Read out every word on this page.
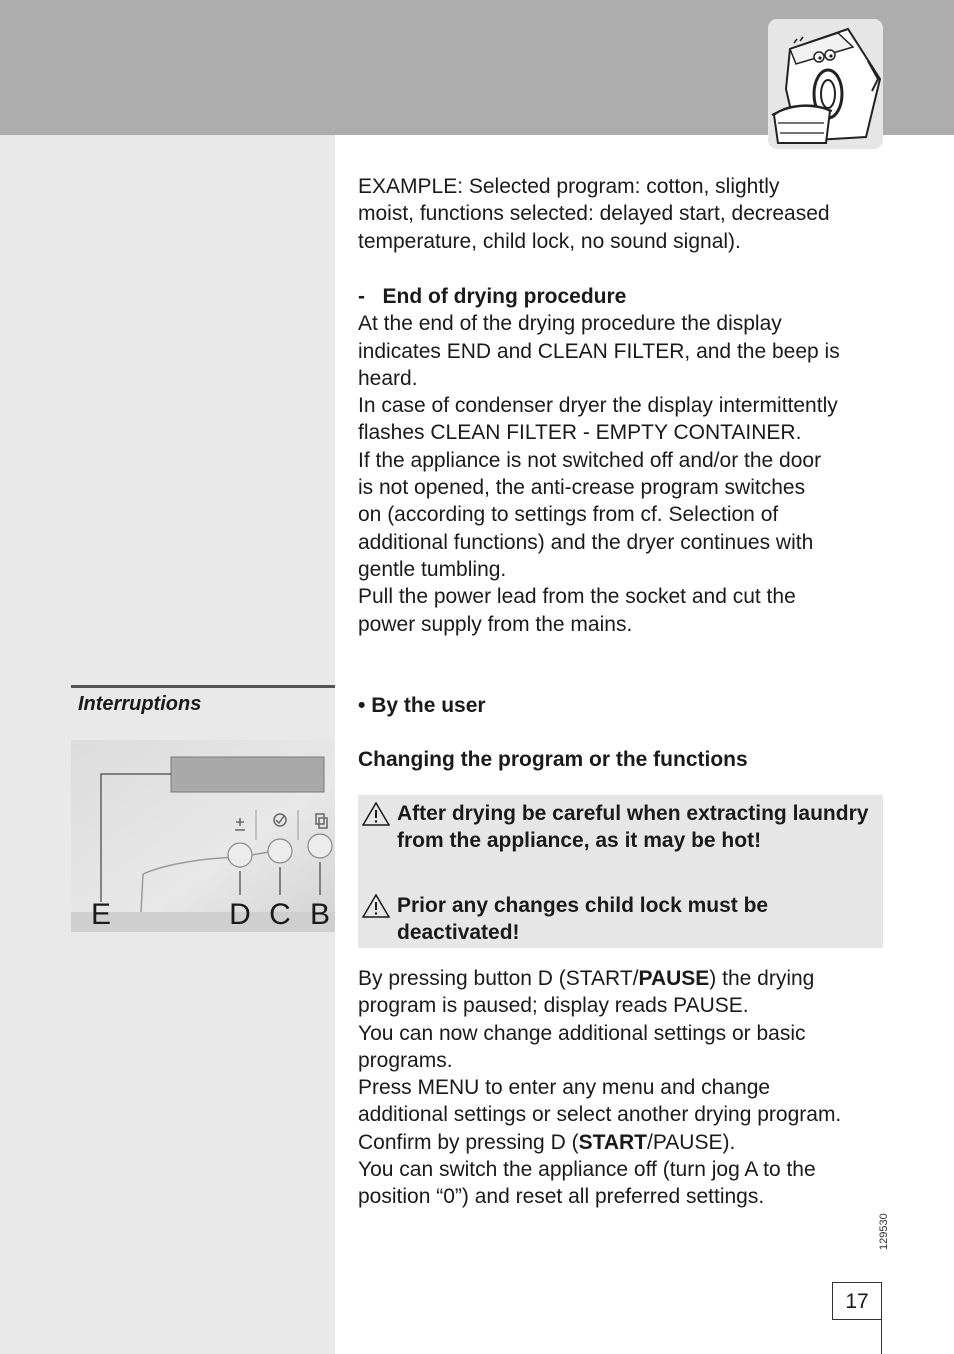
EXAMPLE: Selected program: cotton, slightly

moist, functions selected: delayed start, decreased

temperature, child lock, no sound signal).

-   End of drying procedure

At the end of the drying procedure the display

indicates END and CLEAN FILTER, and the beep is

heard.

In case of condenser dryer the display intermittently

flashes CLEAN FILTER - EMPTY CONTAINER.

If the appliance is not switched off and/or the door

is not opened, the anti-crease program switches

on (according to settings from cf. Selection of

additional functions) and the dryer continues with

gentle tumbling.

Pull the power lead from the socket and cut the

power supply from the mains.

Interruptions
E	D C B
• By the user
Changing the program or the functions
After drying be careful when extracting laundry from the appliance, as it may be hot!
Prior any changes child lock must be deactivated!

By pressing button D (START/PAUSE) the drying

program is paused; display reads PAUSE.

You can now change additional settings or basic

programs.

Press MENU to enter any menu and change

additional settings or select another drying program.

Confirm by pressing D (START/PAUSE).

You can switch the appliance off (turn jog A to the

position “0”) and reset all preferred settings.

129530
17
